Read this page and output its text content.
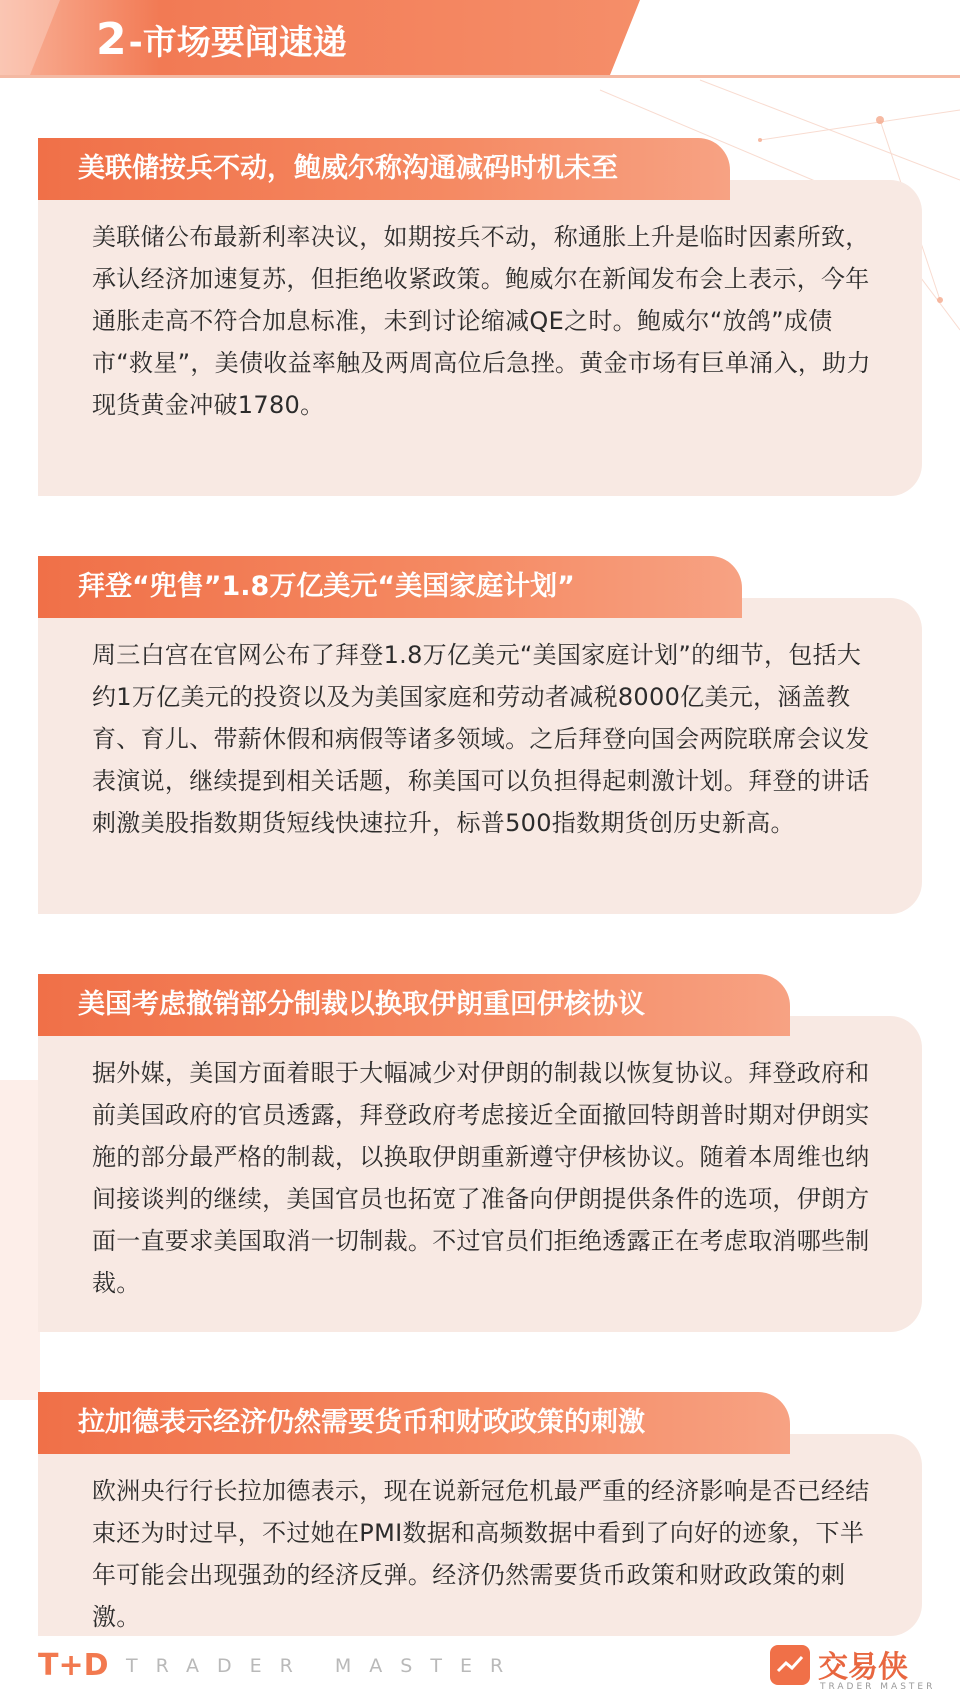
2-市场要闻速递
美联储按兵不动，鲍威尔称沟通减码时机未至
美联储公布最新利率决议，如期按兵不动，称通胀上升是临时因素所致，承认经济加速复苏，但拒绝收紧政策。鲍威尔在新闻发布会上表示，今年通胀走高不符合加息标准，未到讨论缩减QE之时。鲍威尔“放鸽”成债市“救星”，美债收益率触及两周高位后急挫。黄金市场有巨单涌入，助力现货黄金冲破1780。
拜登“兜售”1.8万亿美元“美国家庭计划”
周三白宫在官网公布了拜登1.8万亿美元“美国家庭计划”的细节，包括大约1万亿美元的投资以及为美国家庭和劳动者减税8000亿美元，涵盖教育、育儿、带薪休假和病假等诸多领域。之后拜登向国会两院联席会议发表演说，继续提到相关话题，称美国可以负担得起刺激计划。拜登的讲话刺激美股指数期货短线快速拉升，标普500指数期货创历史新高。
美国考虑撤销部分制裁以换取伊朗重回伊核协议
据外媒，美国方面着眼于大幅减少对伊朗的制裁以恢复协议。拜登政府和前美国政府的官员透露，拜登政府考虑接近全面撤回特朗普时期对伊朗实施的部分最严格的制裁，以换取伊朗重新遵守伊核协议。随着本周维也纳间接谈判的继续，美国官员也拓宽了准备向伊朗提供条件的选项，伊朗方面一直要求美国取消一切制裁。不过官员们拒绝透露正在考虑取消哪些制裁。
拉加德表示经济仍然需要货币和财政政策的刺激
欧洲央行行长拉加德表示，现在说新冠危机最严重的经济影响是否已经结束还为时过早，不过她在PMI数据和高频数据中看到了向好的迹象，下半年可能会出现强劲的经济反弹。经济仍然需要货币政策和财政政策的刺激。
T+D TRADER MASTER	交易侠
TRADER MASTER
